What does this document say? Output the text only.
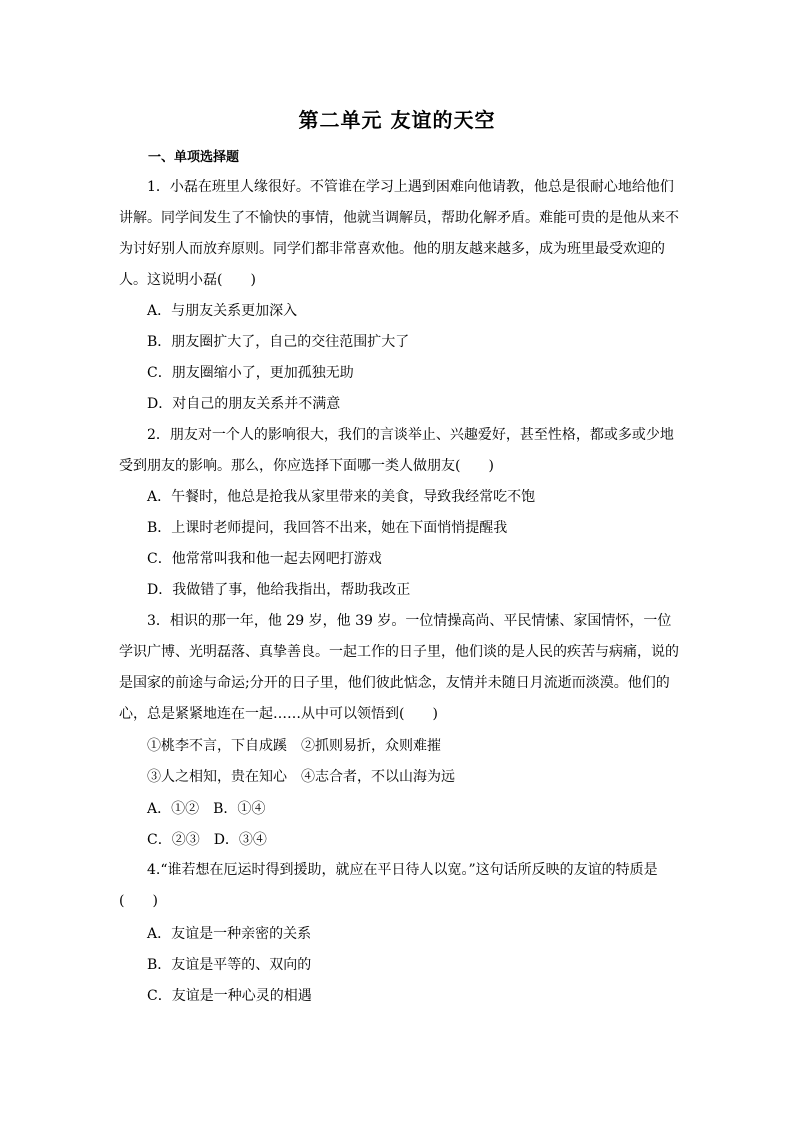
第二单元 友谊的天空
一、单项选择题

1．小磊在班里人缘很好。不管谁在学习上遇到困难向他请教，他总是很耐心地给他们讲解。同学间发生了不愉快的事情，他就当调解员，帮助化解矛盾。难能可贵的是他从来不为讨好别人而放弃原则。同学们都非常喜欢他。他的朋友越来越多，成为班里最受欢迎的人。这说明小磊(　　)

A．与朋友关系更加深入
B．朋友圈扩大了，自己的交往范围扩大了
C．朋友圈缩小了，更加孤独无助
D．对自己的朋友关系并不满意

2．朋友对一个人的影响很大，我们的言谈举止、兴趣爱好，甚至性格，都或多或少地受到朋友的影响。那么，你应选择下面哪一类人做朋友(　　)

A．午餐时，他总是抢我从家里带来的美食，导致我经常吃不饱
B．上课时老师提问，我回答不出来，她在下面悄悄提醒我
C．他常常叫我和他一起去网吧打游戏
D．我做错了事，他给我指出，帮助我改正

3．相识的那一年，他 29 岁，他 39 岁。一位情操高尚、平民情愫、家国情怀，一位学识广博、光明磊落、真挚善良。一起工作的日子里，他们谈的是人民的疾苦与病痛，说的是国家的前途与命运;分开的日子里，他们彼此惦念，友情并未随日月流逝而淡漠。他们的心，总是紧紧地连在一起……从中可以领悟到(　　)

①桃李不言，下自成蹊　②抓则易折，众则难摧
③人之相知，贵在知心　④志合者，不以山海为远
A．①②　B．①④
C．②③　D．③④

4.“谁若想在厄运时得到援助，就应在平日待人以宽。”这句话所反映的友谊的特质是(　　)

A．友谊是一种亲密的关系
B．友谊是平等的、双向的
C．友谊是一种心灵的相遇
